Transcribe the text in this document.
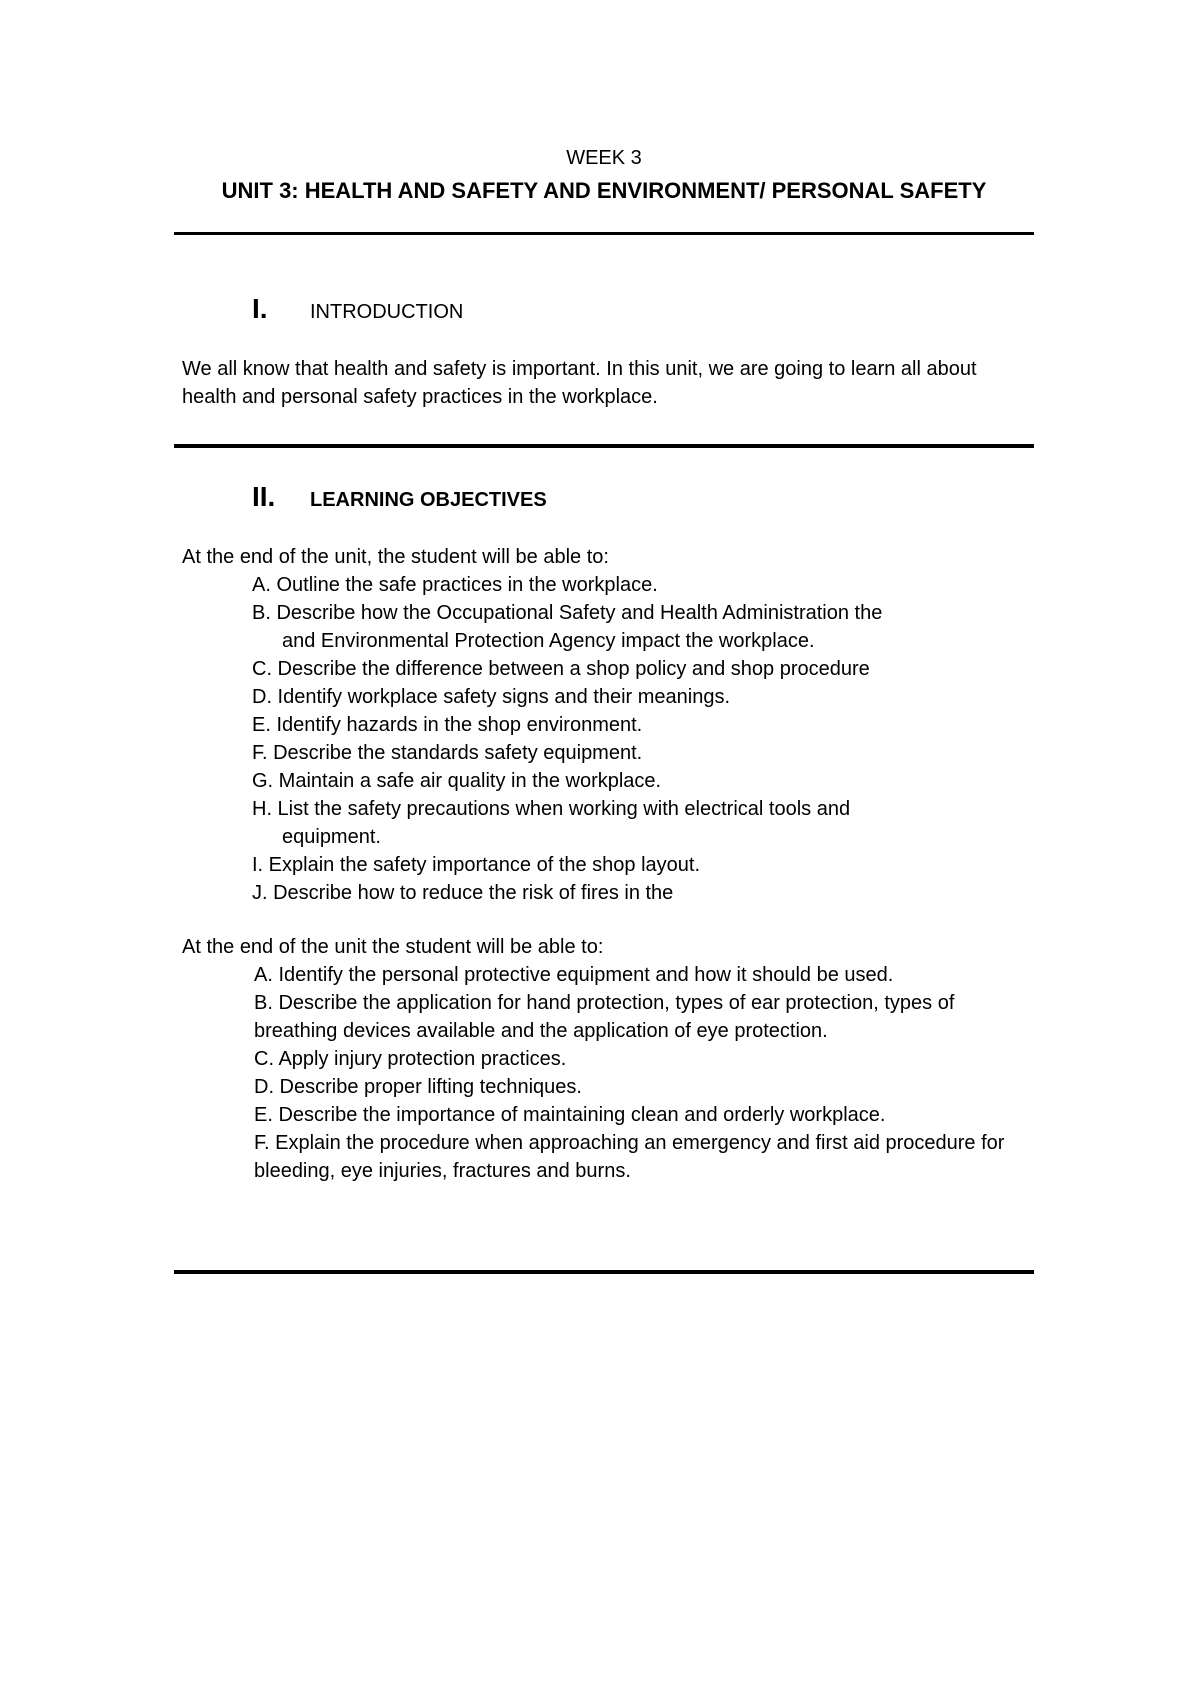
WEEK 3
UNIT 3: HEALTH AND SAFETY AND ENVIRONMENT/ PERSONAL SAFETY
I.	INTRODUCTION
We all know that health and safety is important. In this unit, we are going to learn all about health and personal safety practices in the workplace.
II.	LEARNING OBJECTIVES
At the end of the unit, the student will be able to:
A. Outline the safe practices in the workplace.
B. Describe how the Occupational Safety and Health Administration the
and Environmental Protection Agency impact the workplace.
C. Describe the difference between a shop policy and shop procedure
D. Identify workplace safety signs and their meanings.
E. Identify hazards in the shop environment.
F. Describe the standards safety equipment.
G. Maintain a safe air quality in the workplace.
H. List the safety precautions when working with electrical tools and
equipment.
I. Explain the safety importance of the shop layout.
J. Describe how to reduce the risk of fires in the
At the end of the unit the student will be able to:
A. Identify the personal protective equipment and how it should be used.
B. Describe the application for hand protection, types of ear protection, types of breathing devices available and the application of eye protection.
C. Apply injury protection practices.
D. Describe proper lifting techniques.
E. Describe the importance of maintaining clean and orderly workplace.
F. Explain the procedure when approaching an emergency and first aid procedure for bleeding, eye injuries, fractures and burns.
